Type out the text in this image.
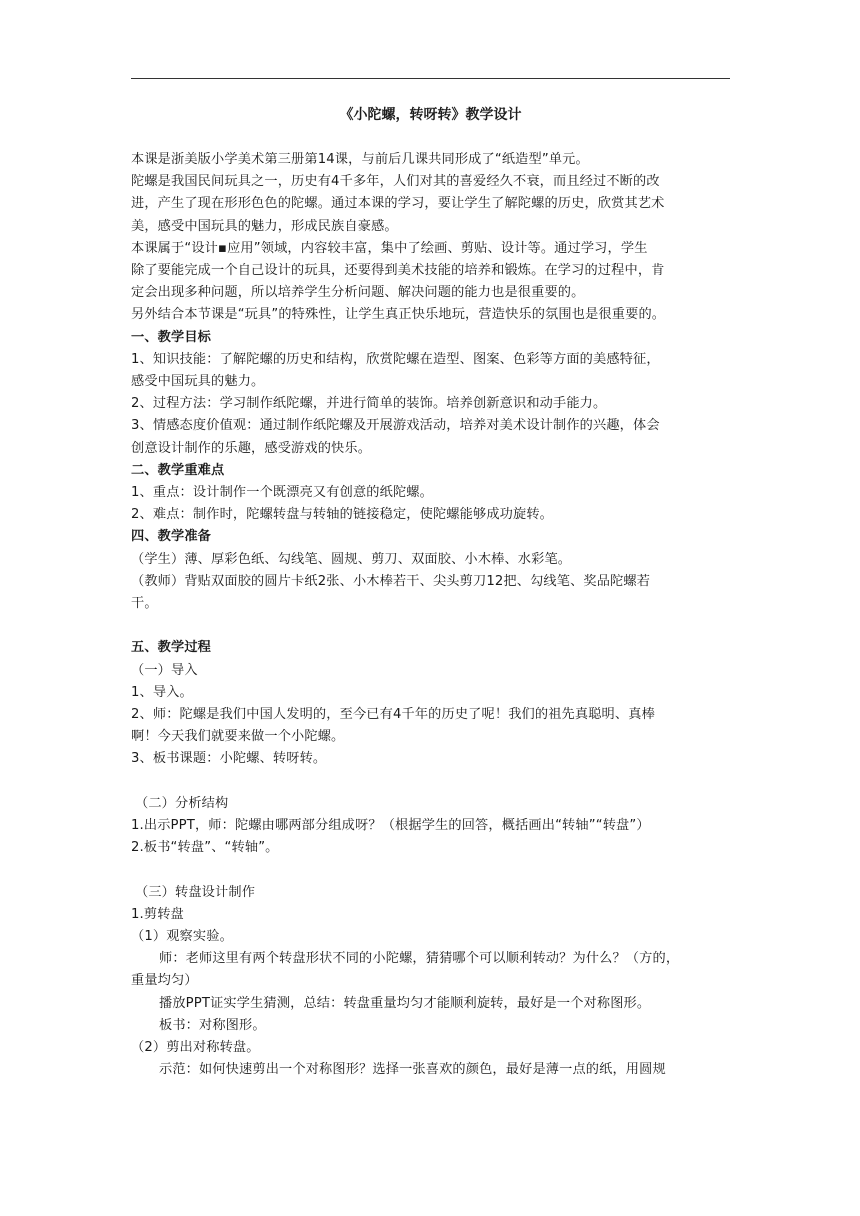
《小陀螺，转呀转》教学设计

本课是浙美版小学美术第三册第14课，与前后几课共同形成了“纸造型”单元。

陀螺是我国民间玩具之一，历史有4千多年，人们对其的喜爱经久不衰，而且经过不断的改

进，产生了现在形形色色的陀螺。通过本课的学习，要让学生了解陀螺的历史，欣赏其艺术

美，感受中国玩具的魅力，形成民族自豪感。

本课属于“设计▪应用”领域，内容较丰富，集中了绘画、剪贴、设计等。通过学习，学生

除了要能完成一个自己设计的玩具，还要得到美术技能的培养和锻炼。在学习的过程中，肯

定会出现多种问题，所以培养学生分析问题、解决问题的能力也是很重要的。

另外结合本节课是“玩具”的特殊性，让学生真正快乐地玩，营造快乐的氛围也是很重要的。

一、教学目标

1、知识技能：了解陀螺的历史和结构，欣赏陀螺在造型、图案、色彩等方面的美感特征，

感受中国玩具的魅力。

2、过程方法：学习制作纸陀螺，并进行简单的装饰。培养创新意识和动手能力。

3、情感态度价值观：通过制作纸陀螺及开展游戏活动，培养对美术设计制作的兴趣，体会

创意设计制作的乐趣，感受游戏的快乐。

二、教学重难点

1、重点：设计制作一个既漂亮又有创意的纸陀螺。

2、难点：制作时，陀螺转盘与转轴的链接稳定，使陀螺能够成功旋转。

四、教学准备

（学生）薄、厚彩色纸、勾线笔、圆规、剪刀、双面胶、小木棒、水彩笔。

（教师）背贴双面胶的圆片卡纸2张、小木棒若干、尖头剪刀12把、勾线笔、奖品陀螺若

干。

五、教学过程

（一）导入

1、导入。

2、师：陀螺是我们中国人发明的，至今已有4千年的历史了呢！我们的祖先真聪明、真棒

啊！今天我们就要来做一个小陀螺。

3、板书课题：小陀螺、转呀转。

（二）分析结构

1.出示PPT，师：陀螺由哪两部分组成呀？（根据学生的回答，概括画出“转轴”“转盘”）

2.板书“转盘”、“转轴”。

（三）转盘设计制作

1.剪转盘

（1）观察实验。

师：老师这里有两个转盘形状不同的小陀螺，猜猜哪个可以顺利转动？为什么？（方的，

重量均匀）

播放PPT证实学生猜测，总结：转盘重量均匀才能顺利旋转，最好是一个对称图形。

板书：对称图形。

（2）剪出对称转盘。

示范：如何快速剪出一个对称图形？选择一张喜欢的颜色，最好是薄一点的纸，用圆规
